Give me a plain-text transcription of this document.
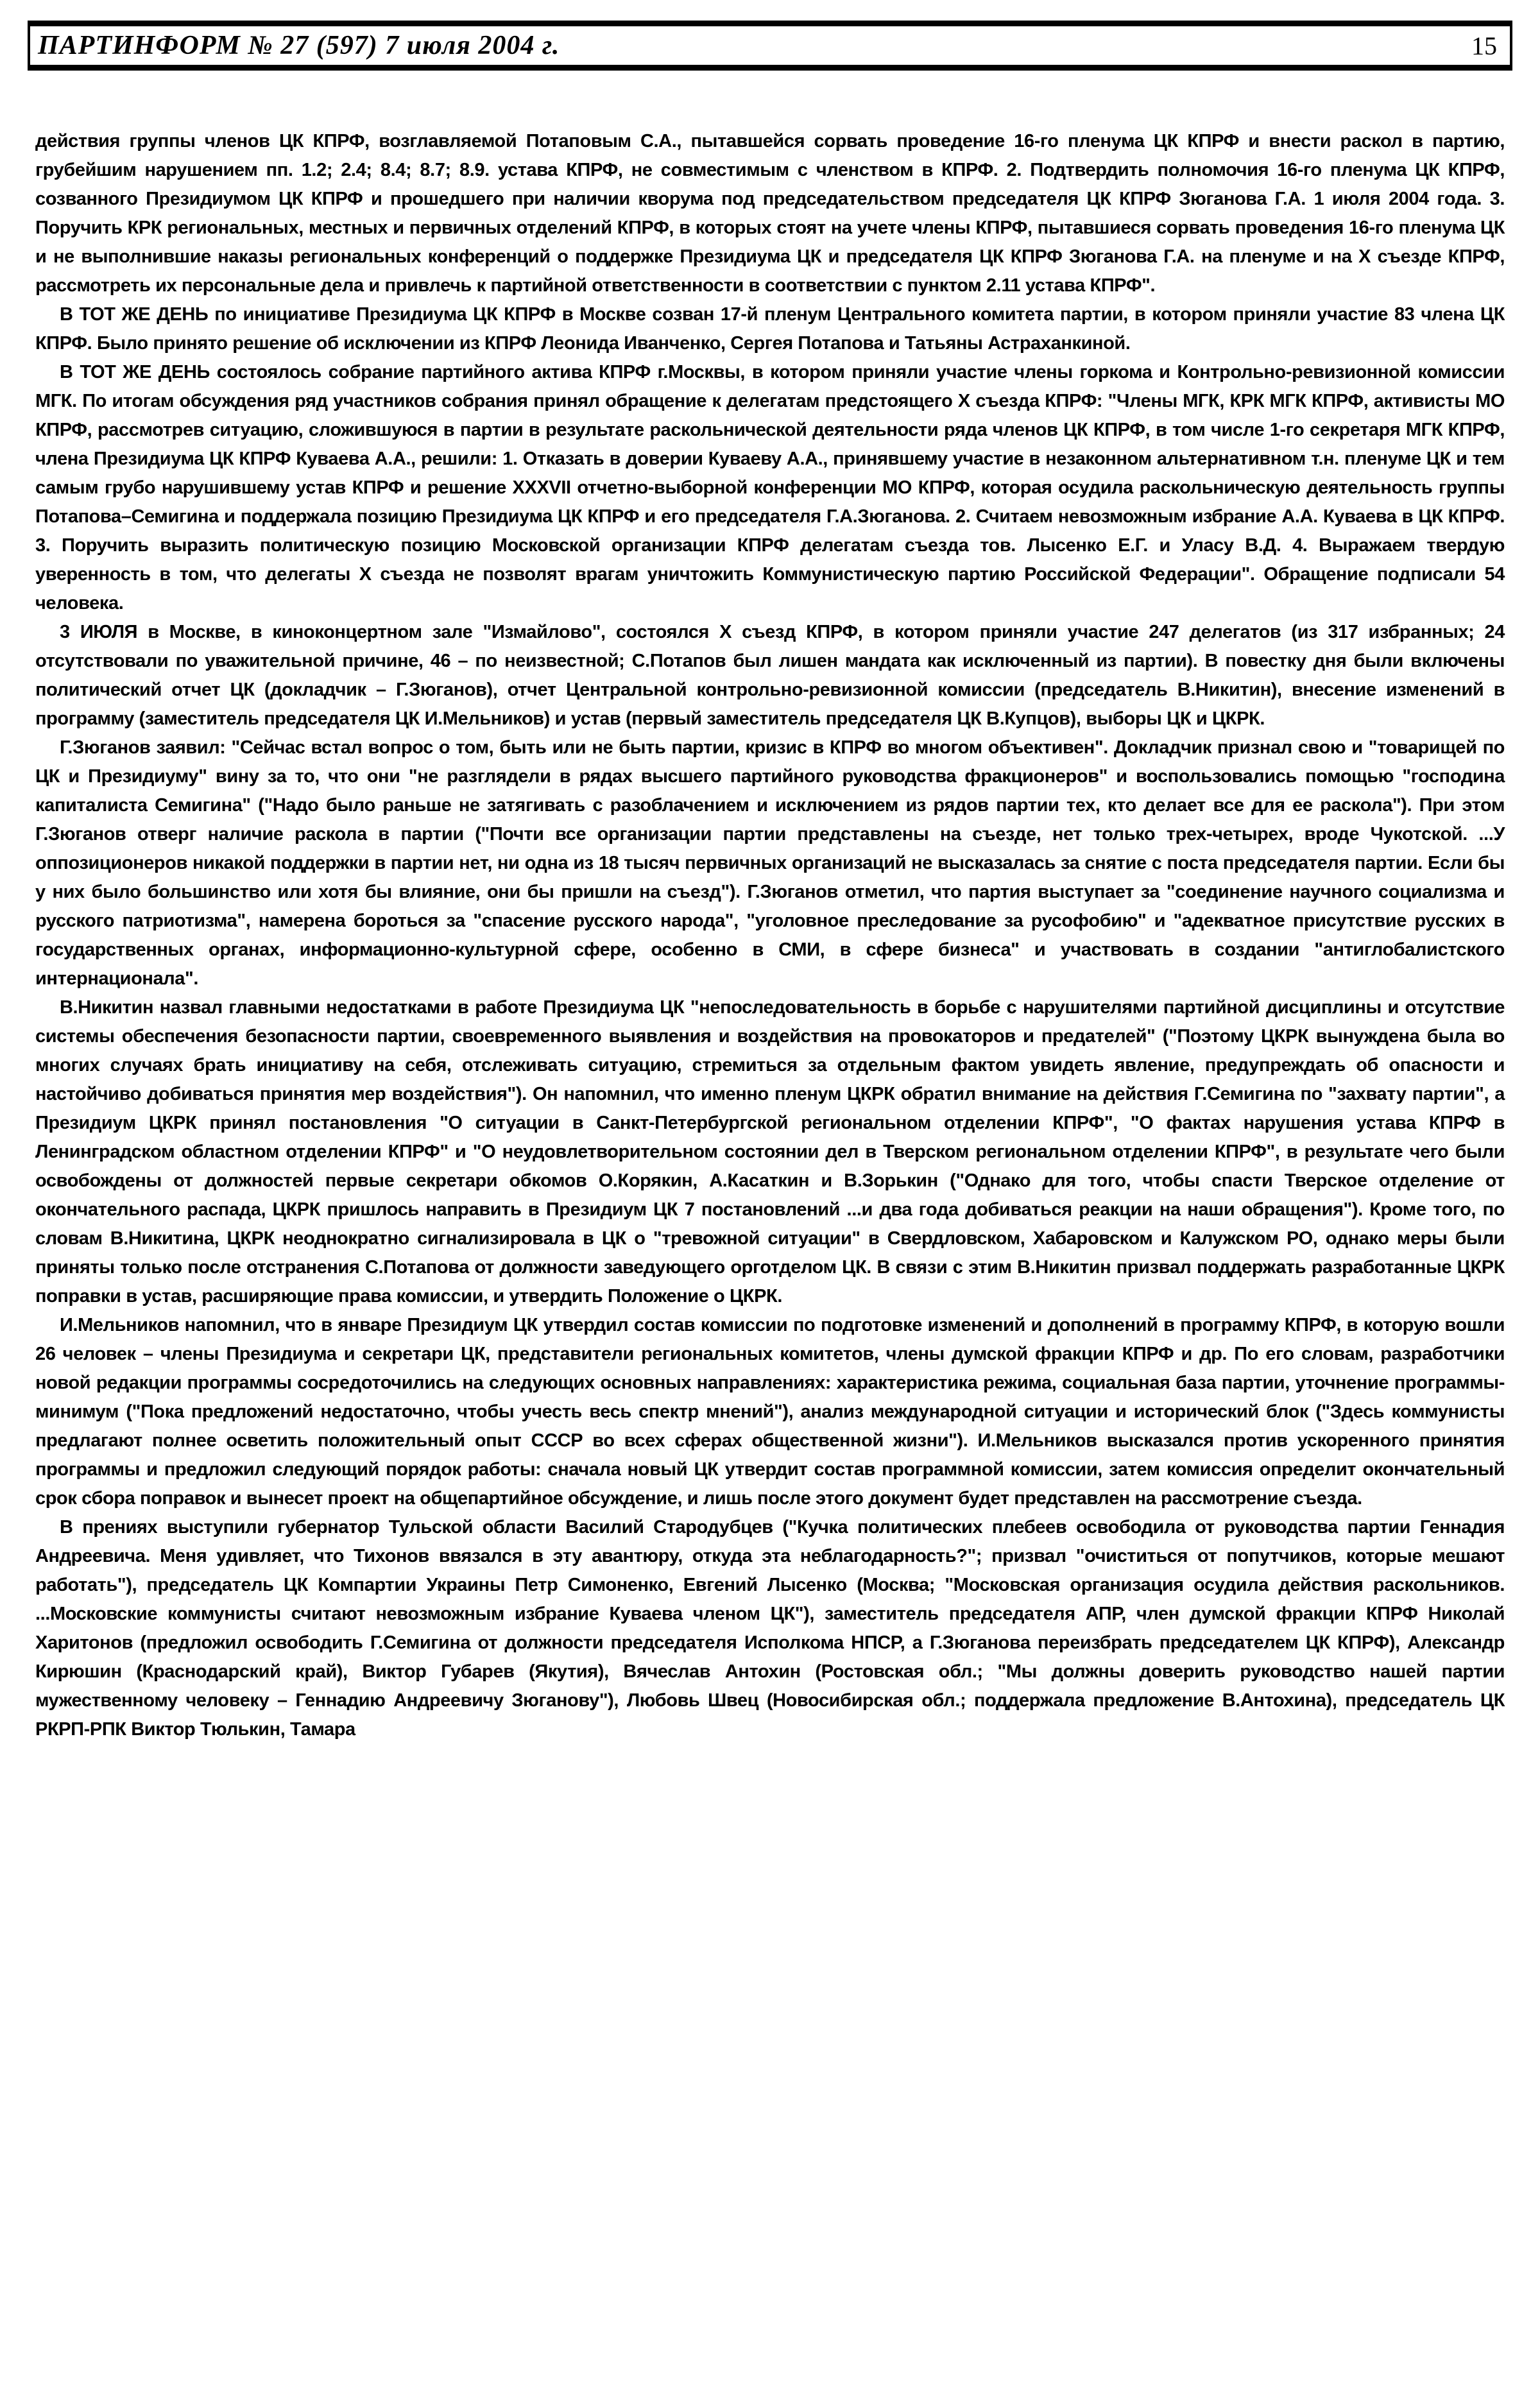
ПАРТИНФОРМ № 27 (597) 7 июля 2004 г.	15

действия группы членов ЦК КПРФ, возглавляемой Потаповым С.А., пытавшейся сорвать проведение 16-го пленума ЦК КПРФ и внести раскол в партию, грубейшим нарушением пп. 1.2; 2.4; 8.4; 8.7; 8.9. устава КПРФ, не совместимым с членством в КПРФ. 2. Подтвердить полномочия 16-го пленума ЦК КПРФ, созванного Президиумом ЦК КПРФ и прошедшего при наличии кворума под председательством председателя ЦК КПРФ Зюганова Г.А. 1 июля 2004 года. 3. Поручить КРК региональных, местных и первичных отделений КПРФ, в которых стоят на учете члены КПРФ, пытавшиеся сорвать проведения 16-го пленума ЦК и не выполнившие наказы региональных конференций о поддержке Президиума ЦК и председателя ЦК КПРФ Зюганова Г.А. на пленуме и на X съезде КПРФ, рассмотреть их персональные дела и привлечь к партийной ответственности в соответствии с пунктом 2.11 устава КПРФ".

В ТОТ ЖЕ ДЕНЬ по инициативе Президиума ЦК КПРФ в Москве созван 17-й пленум Центрального комитета партии, в котором приняли участие 83 члена ЦК КПРФ. Было принято решение об исключении из КПРФ Леонида Иванченко, Сергея Потапова и Татьяны Астраханкиной.

В ТОТ ЖЕ ДЕНЬ состоялось собрание партийного актива КПРФ г.Москвы, в котором приняли участие члены горкома и Контрольно-ревизионной комиссии МГК. По итогам обсуждения ряд участников собрания принял обращение к делегатам предстоящего X съезда КПРФ: "Члены МГК, КРК МГК КПРФ, активисты МО КПРФ, рассмотрев ситуацию, сложившуюся в партии в результате раскольнической деятельности ряда членов ЦК КПРФ, в том числе 1-го секретаря МГК КПРФ, члена Президиума ЦК КПРФ Куваева А.А., решили: 1. Отказать в доверии Куваеву А.А., принявшему участие в незаконном альтернативном т.н. пленуме ЦК и тем самым грубо нарушившему устав КПРФ и решение XXXVII отчетно-выборной конференции МО КПРФ, которая осудила раскольническую деятельность группы Потапова–Семигина и поддержала позицию Президиума ЦК КПРФ и его председателя Г.А.Зюганова. 2. Считаем невозможным избрание А.А. Куваева в ЦК КПРФ. 3. Поручить выразить политическую позицию Московской организации КПРФ делегатам съезда тов. Лысенко Е.Г. и Уласу В.Д. 4. Выражаем твердую уверенность в том, что делегаты X съезда не позволят врагам уничтожить Коммунистическую партию Российской Федерации". Обращение подписали 54 человека.

3 ИЮЛЯ в Москве, в киноконцертном зале "Измайлово", состоялся X съезд КПРФ, в котором приняли участие 247 делегатов (из 317 избранных; 24 отсутствовали по уважительной причине, 46 – по неизвестной; С.Потапов был лишен мандата как исключенный из партии). В повестку дня были включены политический отчет ЦК (докладчик – Г.Зюганов), отчет Центральной контрольно-ревизионной комиссии (председатель В.Никитин), внесение изменений в программу (заместитель председателя ЦК И.Мельников) и устав (первый заместитель председателя ЦК В.Купцов), выборы ЦК и ЦКРК.

Г.Зюганов заявил: "Сейчас встал вопрос о том, быть или не быть партии, кризис в КПРФ во многом объективен". Докладчик признал свою и "товарищей по ЦК и Президиуму" вину за то, что они "не разглядели в рядах высшего партийного руководства фракционеров" и воспользовались помощью "господина капиталиста Семигина" ("Надо было раньше не затягивать с разоблачением и исключением из рядов партии тех, кто делает все для ее раскола"). При этом Г.Зюганов отверг наличие раскола в партии ("Почти все организации партии представлены на съезде, нет только трех-четырех, вроде Чукотской. ...У оппозиционеров никакой поддержки в партии нет, ни одна из 18 тысяч первичных организаций не высказалась за снятие с поста председателя партии. Если бы у них было большинство или хотя бы влияние, они бы пришли на съезд"). Г.Зюганов отметил, что партия выступает за "соединение научного социализма и русского патриотизма", намерена бороться за "спасение русского народа", "уголовное преследование за русофобию" и "адекватное присутствие русских в государственных органах, информационно-культурной сфере, особенно в СМИ, в сфере бизнеса" и участвовать в создании "антиглобалистского интернационала".

В.Никитин назвал главными недостатками в работе Президиума ЦК "непоследовательность в борьбе с нарушителями партийной дисциплины и отсутствие системы обеспечения безопасности партии, своевременного выявления и воздействия на провокаторов и предателей" ("Поэтому ЦКРК вынуждена была во многих случаях брать инициативу на себя, отслеживать ситуацию, стремиться за отдельным фактом увидеть явление, предупреждать об опасности и настойчиво добиваться принятия мер воздействия"). Он напомнил, что именно пленум ЦКРК обратил внимание на действия Г.Семигина по "захвату партии", а Президиум ЦКРК принял постановления "О ситуации в Санкт-Петербургской региональном отделении КПРФ", "О фактах нарушения устава КПРФ в Ленинградском областном отделении КПРФ" и "О неудовлетворительном состоянии дел в Тверском региональном отделении КПРФ", в результате чего были освобождены от должностей первые секретари обкомов О.Корякин, А.Касаткин и В.Зорькин ("Однако для того, чтобы спасти Тверское отделение от окончательного распада, ЦКРК пришлось направить в Президиум ЦК 7 постановлений ...и два года добиваться реакции на наши обращения"). Кроме того, по словам В.Никитина, ЦКРК неоднократно сигнализировала в ЦК о "тревожной ситуации" в Свердловском, Хабаровском и Калужском РО, однако меры были приняты только после отстранения С.Потапова от должности заведующего орготделом ЦК. В связи с этим В.Никитин призвал поддержать разработанные ЦКРК поправки в устав, расширяющие права комиссии, и утвердить Положение о ЦКРК.

И.Мельников напомнил, что в январе Президиум ЦК утвердил состав комиссии по подготовке изменений и дополнений в программу КПРФ, в которую вошли 26 человек – члены Президиума и секретари ЦК, представители региональных комитетов, члены думской фракции КПРФ и др. По его словам, разработчики новой редакции программы сосредоточились на следующих основных направлениях: характеристика режима, социальная база партии, уточнение программы-минимум ("Пока предложений недостаточно, чтобы учесть весь спектр мнений"), анализ международной ситуации и исторический блок ("Здесь коммунисты предлагают полнее осветить положительный опыт СССР во всех сферах общественной жизни"). И.Мельников высказался против ускоренного принятия программы и предложил следующий порядок работы: сначала новый ЦК утвердит состав программной комиссии, затем комиссия определит окончательный срок сбора поправок и вынесет проект на общепартийное обсуждение, и лишь после этого документ будет представлен на рассмотрение съезда.

В прениях выступили губернатор Тульской области Василий Стародубцев ("Кучка политических плебеев освободила от руководства партии Геннадия Андреевича. Меня удивляет, что Тихонов ввязался в эту авантюру, откуда эта неблагодарность?"; призвал "очиститься от попутчиков, которые мешают работать"), председатель ЦК Компартии Украины Петр Симоненко, Евгений Лысенко (Москва; "Московская организация осудила действия раскольников. ...Московские коммунисты считают невозможным избрание Куваева членом ЦК"), заместитель председателя АПР, член думской фракции КПРФ Николай Харитонов (предложил освободить Г.Семигина от должности председателя Исполкома НПСР, а Г.Зюганова переизбрать председателем ЦК КПРФ), Александр Кирюшин (Краснодарский край), Виктор Губарев (Якутия), Вячеслав Антохин (Ростовская обл.; "Мы должны доверить руководство нашей партии мужественному человеку – Геннадию Андреевичу Зюганову"), Любовь Швец (Новосибирская обл.; поддержала предложение В.Антохина), председатель ЦК РКРП-РПК Виктор Тюлькин, Тамара
